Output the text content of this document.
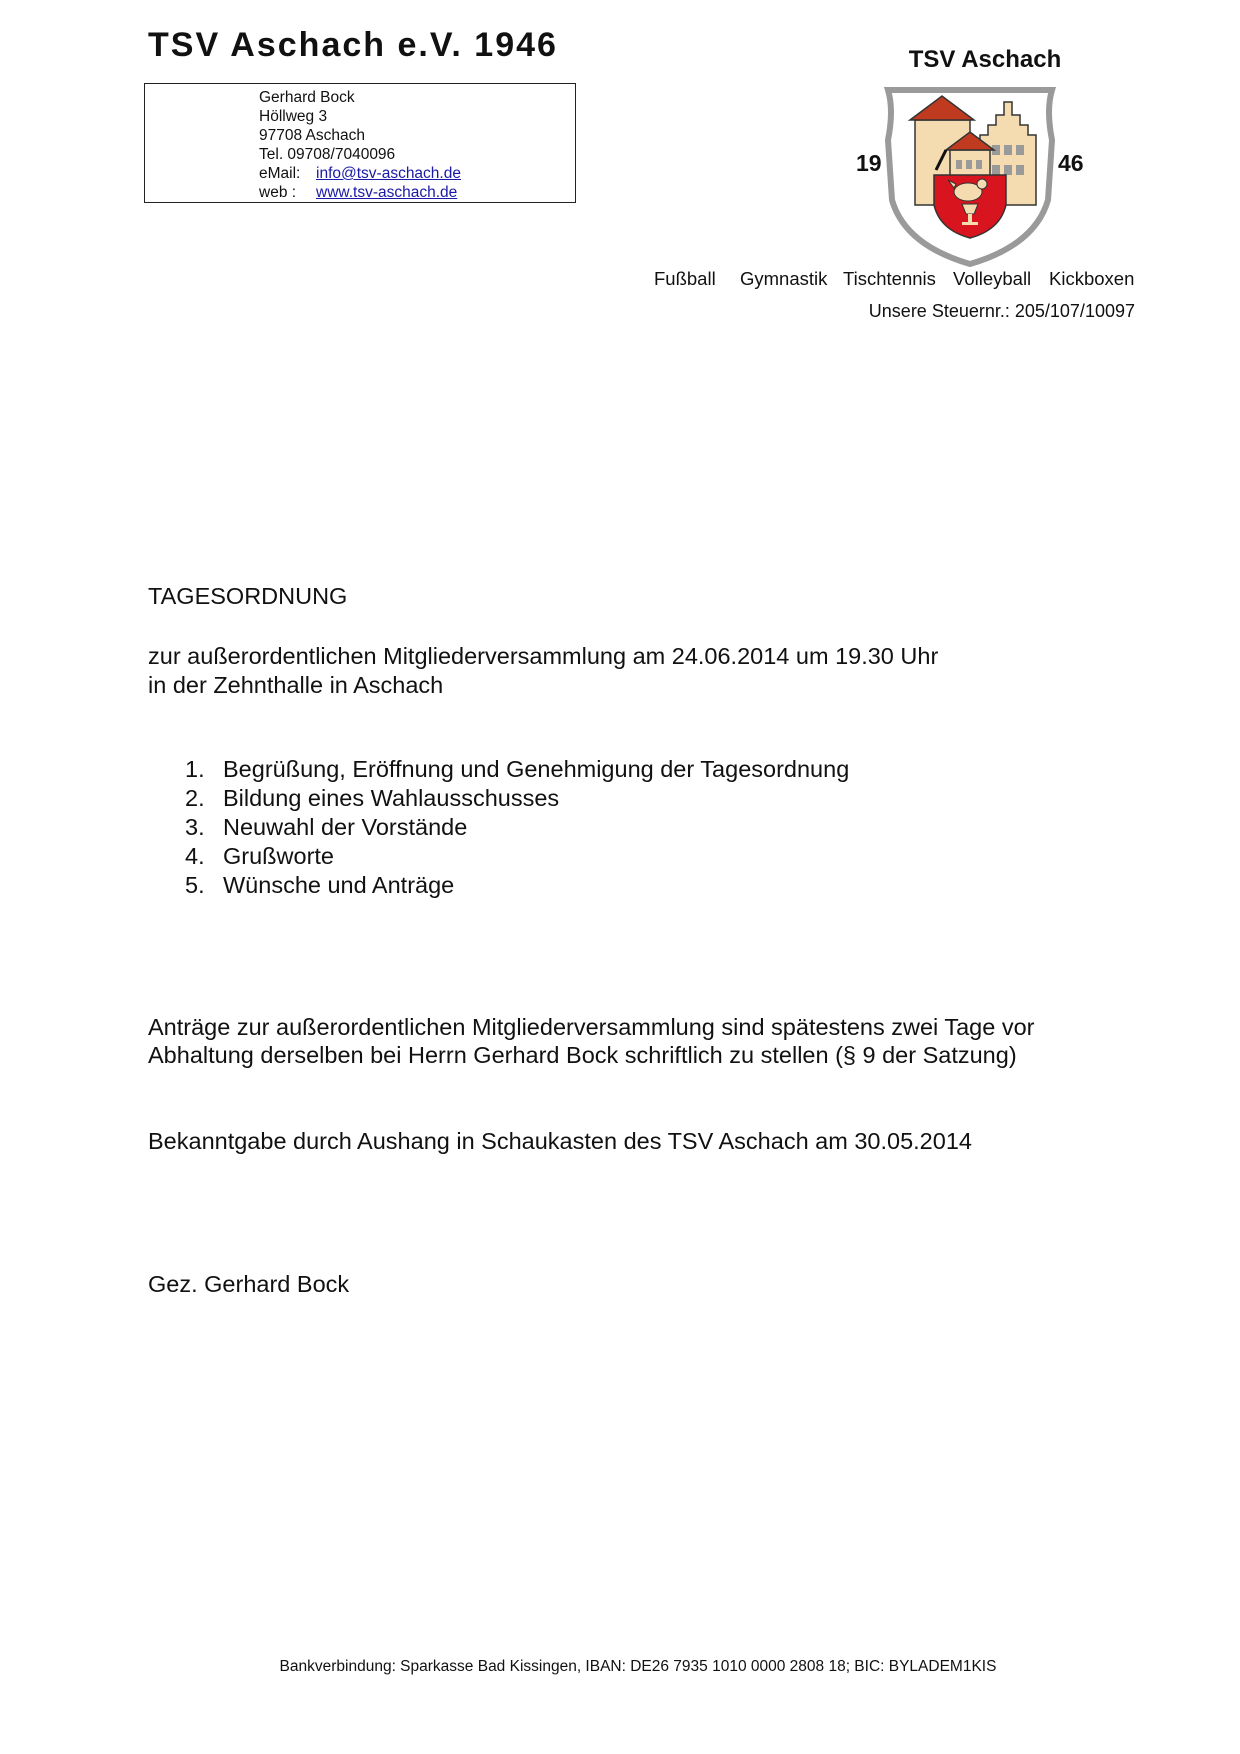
TSV Aschach e.V. 1946
Gerhard Bock
Höllweg 3
97708 Aschach
Tel. 09708/7040096
eMail: info@tsv-aschach.de
web : www.tsv-aschach.de
TSV Aschach
19	46
Fußball Gymnastik Tischtennis Volleyball Kickboxen
Unsere Steuernr.: 205/107/10097
TAGESORDNUNG
zur außerordentlichen Mitgliederversammlung am 24.06.2014 um 19.30 Uhr
in der Zehnthalle in Aschach
1. Begrüßung, Eröffnung und Genehmigung der Tagesordnung
2. Bildung eines Wahlausschusses
3. Neuwahl der Vorstände
4. Grußworte
5. Wünsche und Anträge
Anträge zur außerordentlichen Mitgliederversammlung sind spätestens zwei Tage vor
Abhaltung derselben bei Herrn Gerhard Bock schriftlich zu stellen (§ 9 der Satzung)
Bekanntgabe durch Aushang in Schaukasten des TSV Aschach am 30.05.2014
Gez. Gerhard Bock
Bankverbindung: Sparkasse Bad Kissingen, IBAN: DE26 7935 1010 0000 2808 18; BIC: BYLADEM1KIS
